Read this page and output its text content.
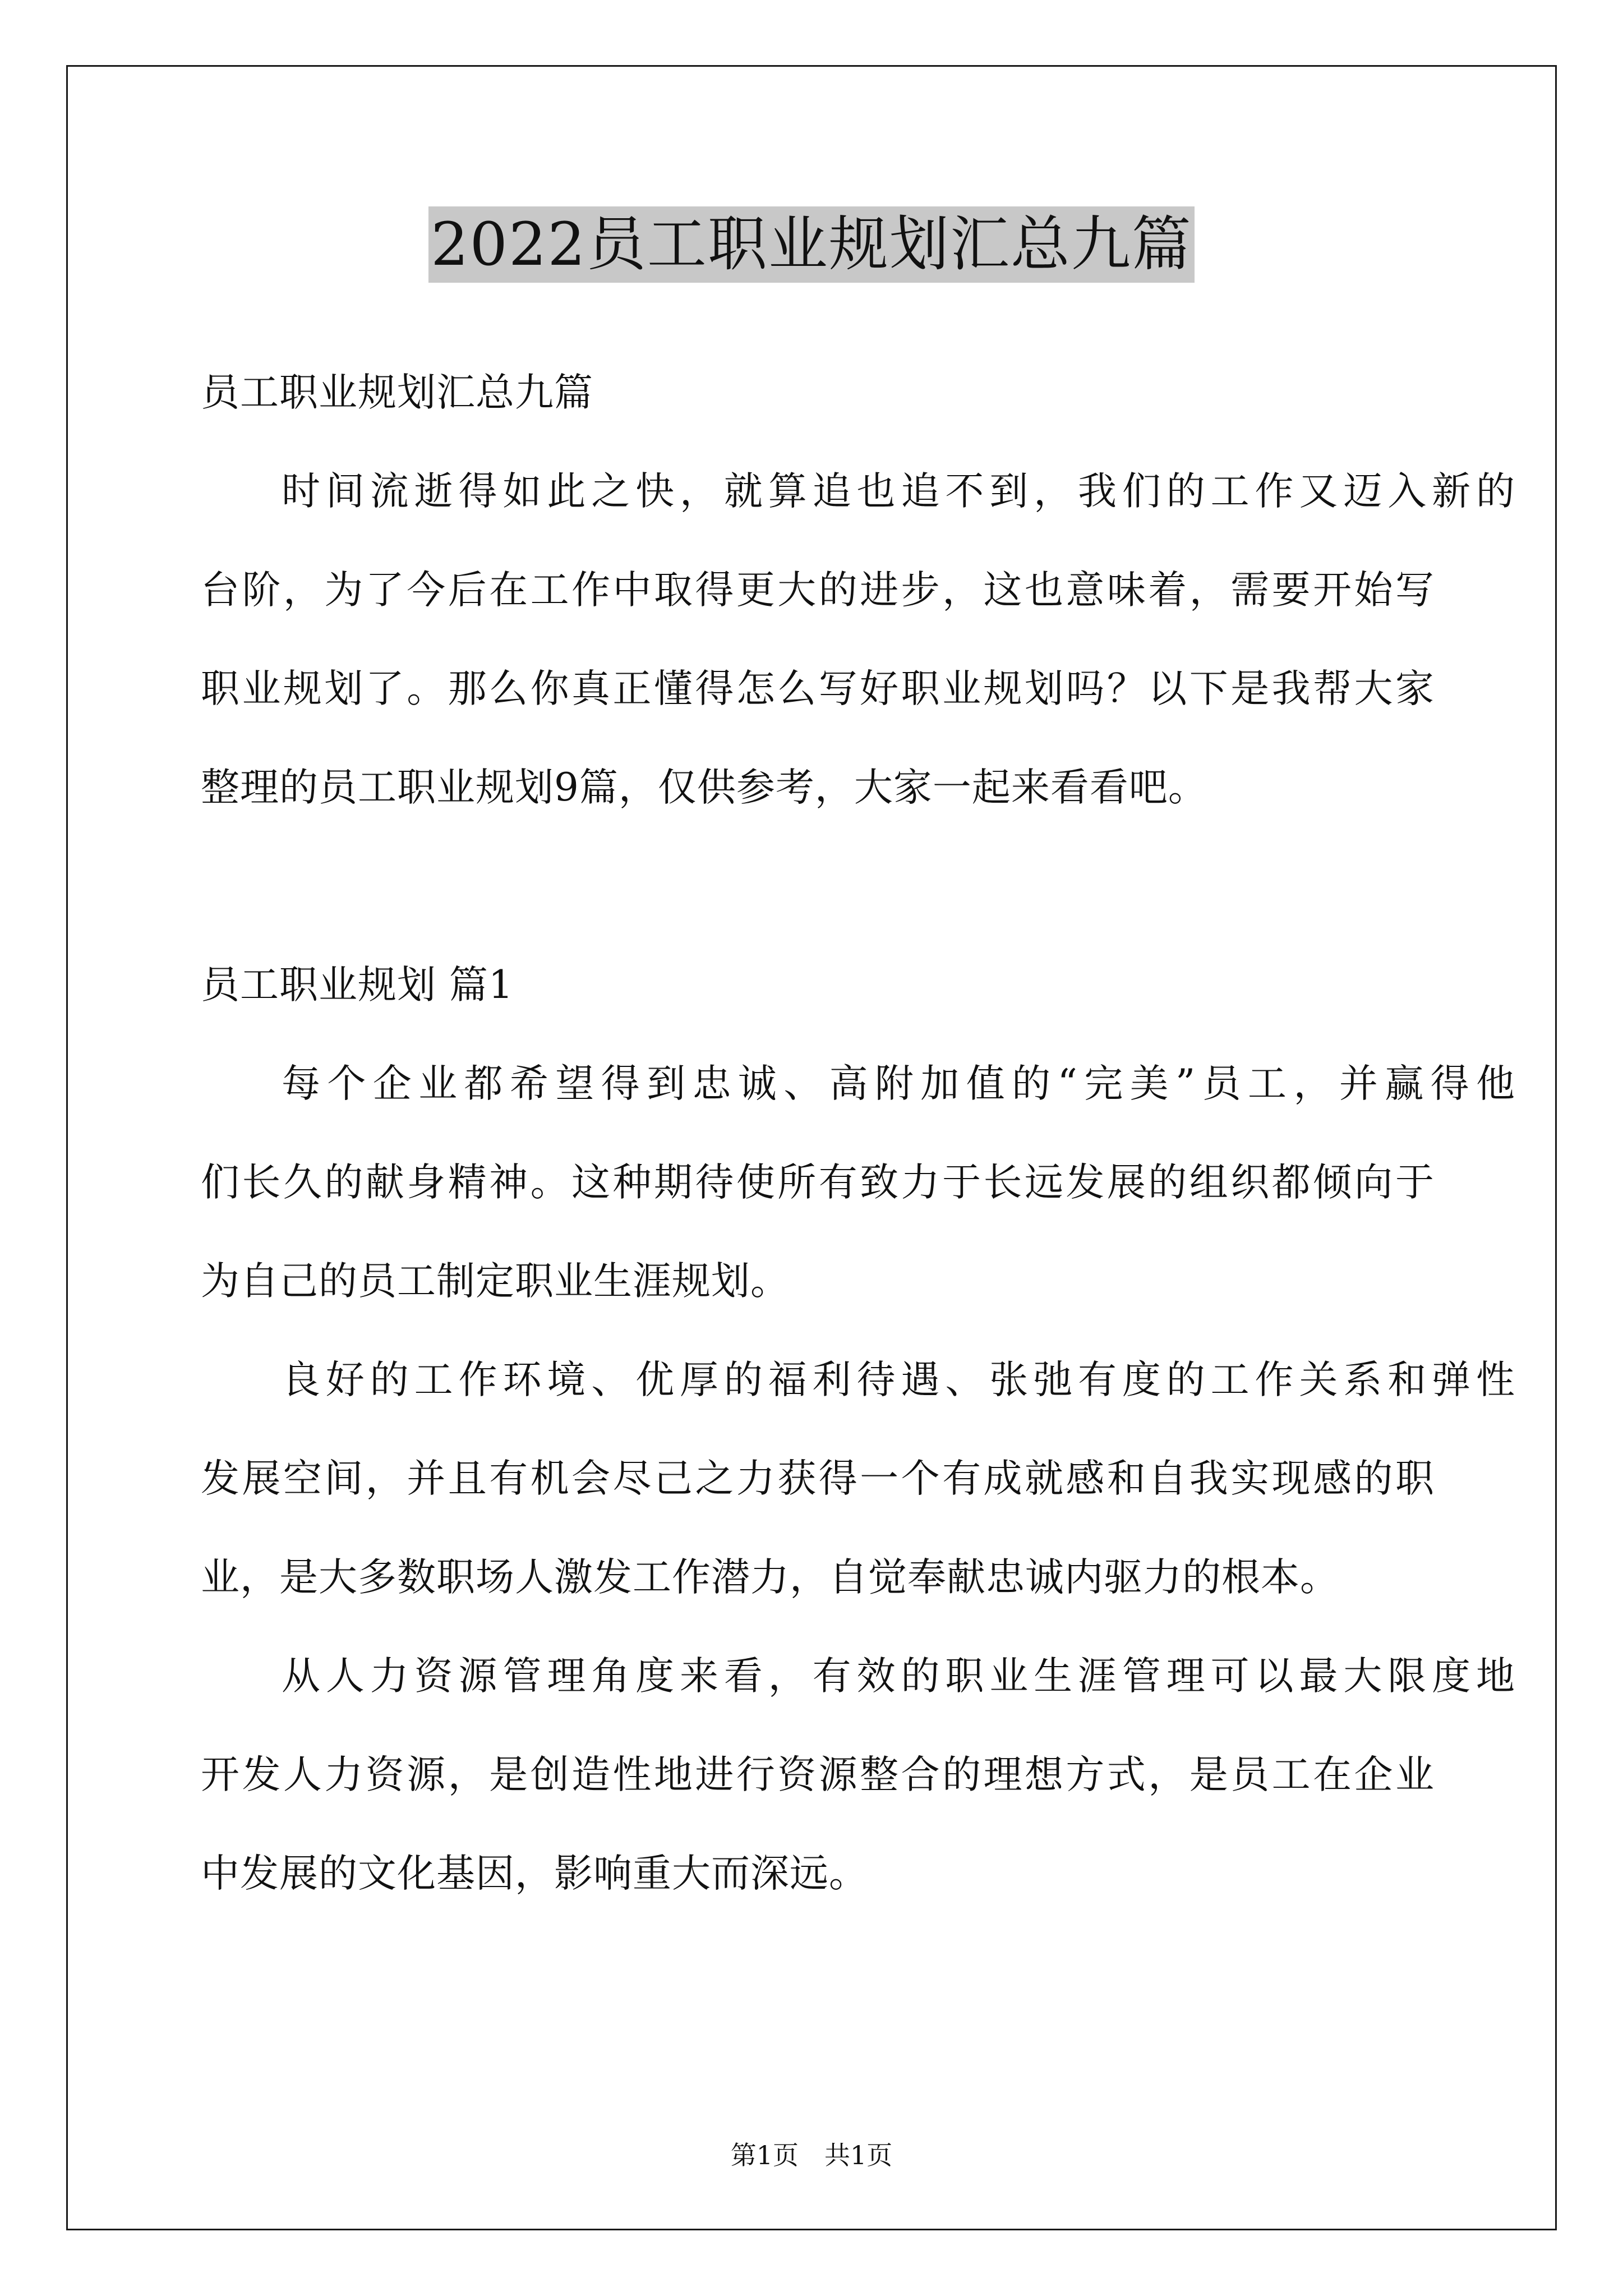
2022员工职业规划汇总九篇
员工职业规划汇总九篇
时间流逝得如此之快，就算追也追不到，我们的工作又迈入新的
台阶，为了今后在工作中取得更大的进步，这也意味着，需要开始写
职业规划了。那么你真正懂得怎么写好职业规划吗？以下是我帮大家
整理的员工职业规划9篇，仅供参考，大家一起来看看吧。
员工职业规划 篇1
每个企业都希望得到忠诚、高附加值的“完美”员工，并赢得他
们长久的献身精神。这种期待使所有致力于长远发展的组织都倾向于
为自己的员工制定职业生涯规划。
良好的工作环境、优厚的福利待遇、张弛有度的工作关系和弹性
发展空间，并且有机会尽己之力获得一个有成就感和自我实现感的职
业，是大多数职场人激发工作潜力，自觉奉献忠诚内驱力的根本。
从人力资源管理角度来看，有效的职业生涯管理可以最大限度地
开发人力资源，是创造性地进行资源整合的理想方式，是员工在企业
中发展的文化基因，影响重大而深远。
第1页　共1页
